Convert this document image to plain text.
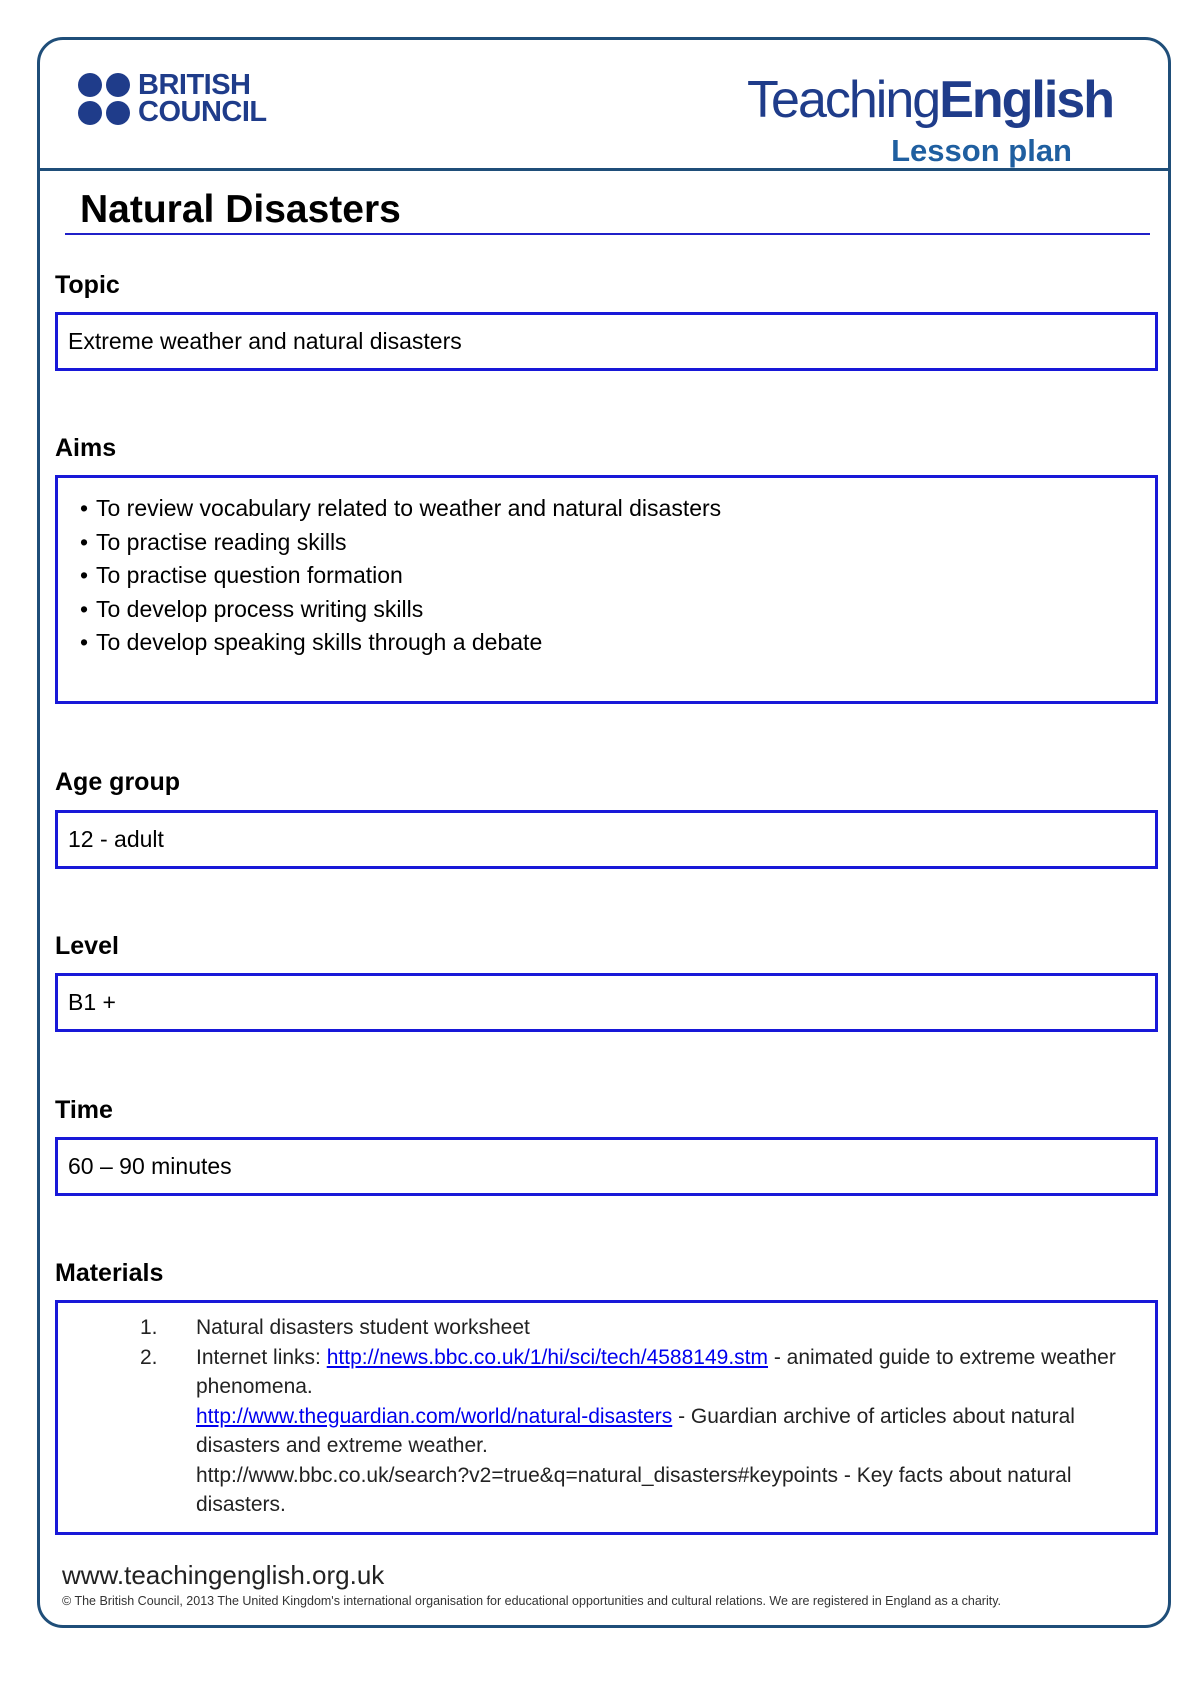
BRITISH
COUNCIL	TeachingEnglish
Lesson plan
Natural Disasters
Topic
Extreme weather and natural disasters
Aims
• To review vocabulary related to weather and natural disasters
• To practise reading skills
• To practise question formation
• To develop process writing skills
• To develop speaking skills through a debate
Age group
12 - adult
Level
B1 +
Time
60 – 90 minutes
Materials
1.	Natural disasters student worksheet
2.	Internet links: http://news.bbc.co.uk/1/hi/sci/tech/4588149.stm - animated guide to extreme weather phenomena.
http://www.theguardian.com/world/natural-disasters - Guardian archive of articles about natural disasters and extreme weather.
http://www.bbc.co.uk/search?v2=true&q=natural_disasters#keypoints - Key facts about natural disasters.
www.teachingenglish.org.uk
© The British Council, 2013 The United Kingdom's international organisation for educational opportunities and cultural relations. We are registered in England as a charity.
